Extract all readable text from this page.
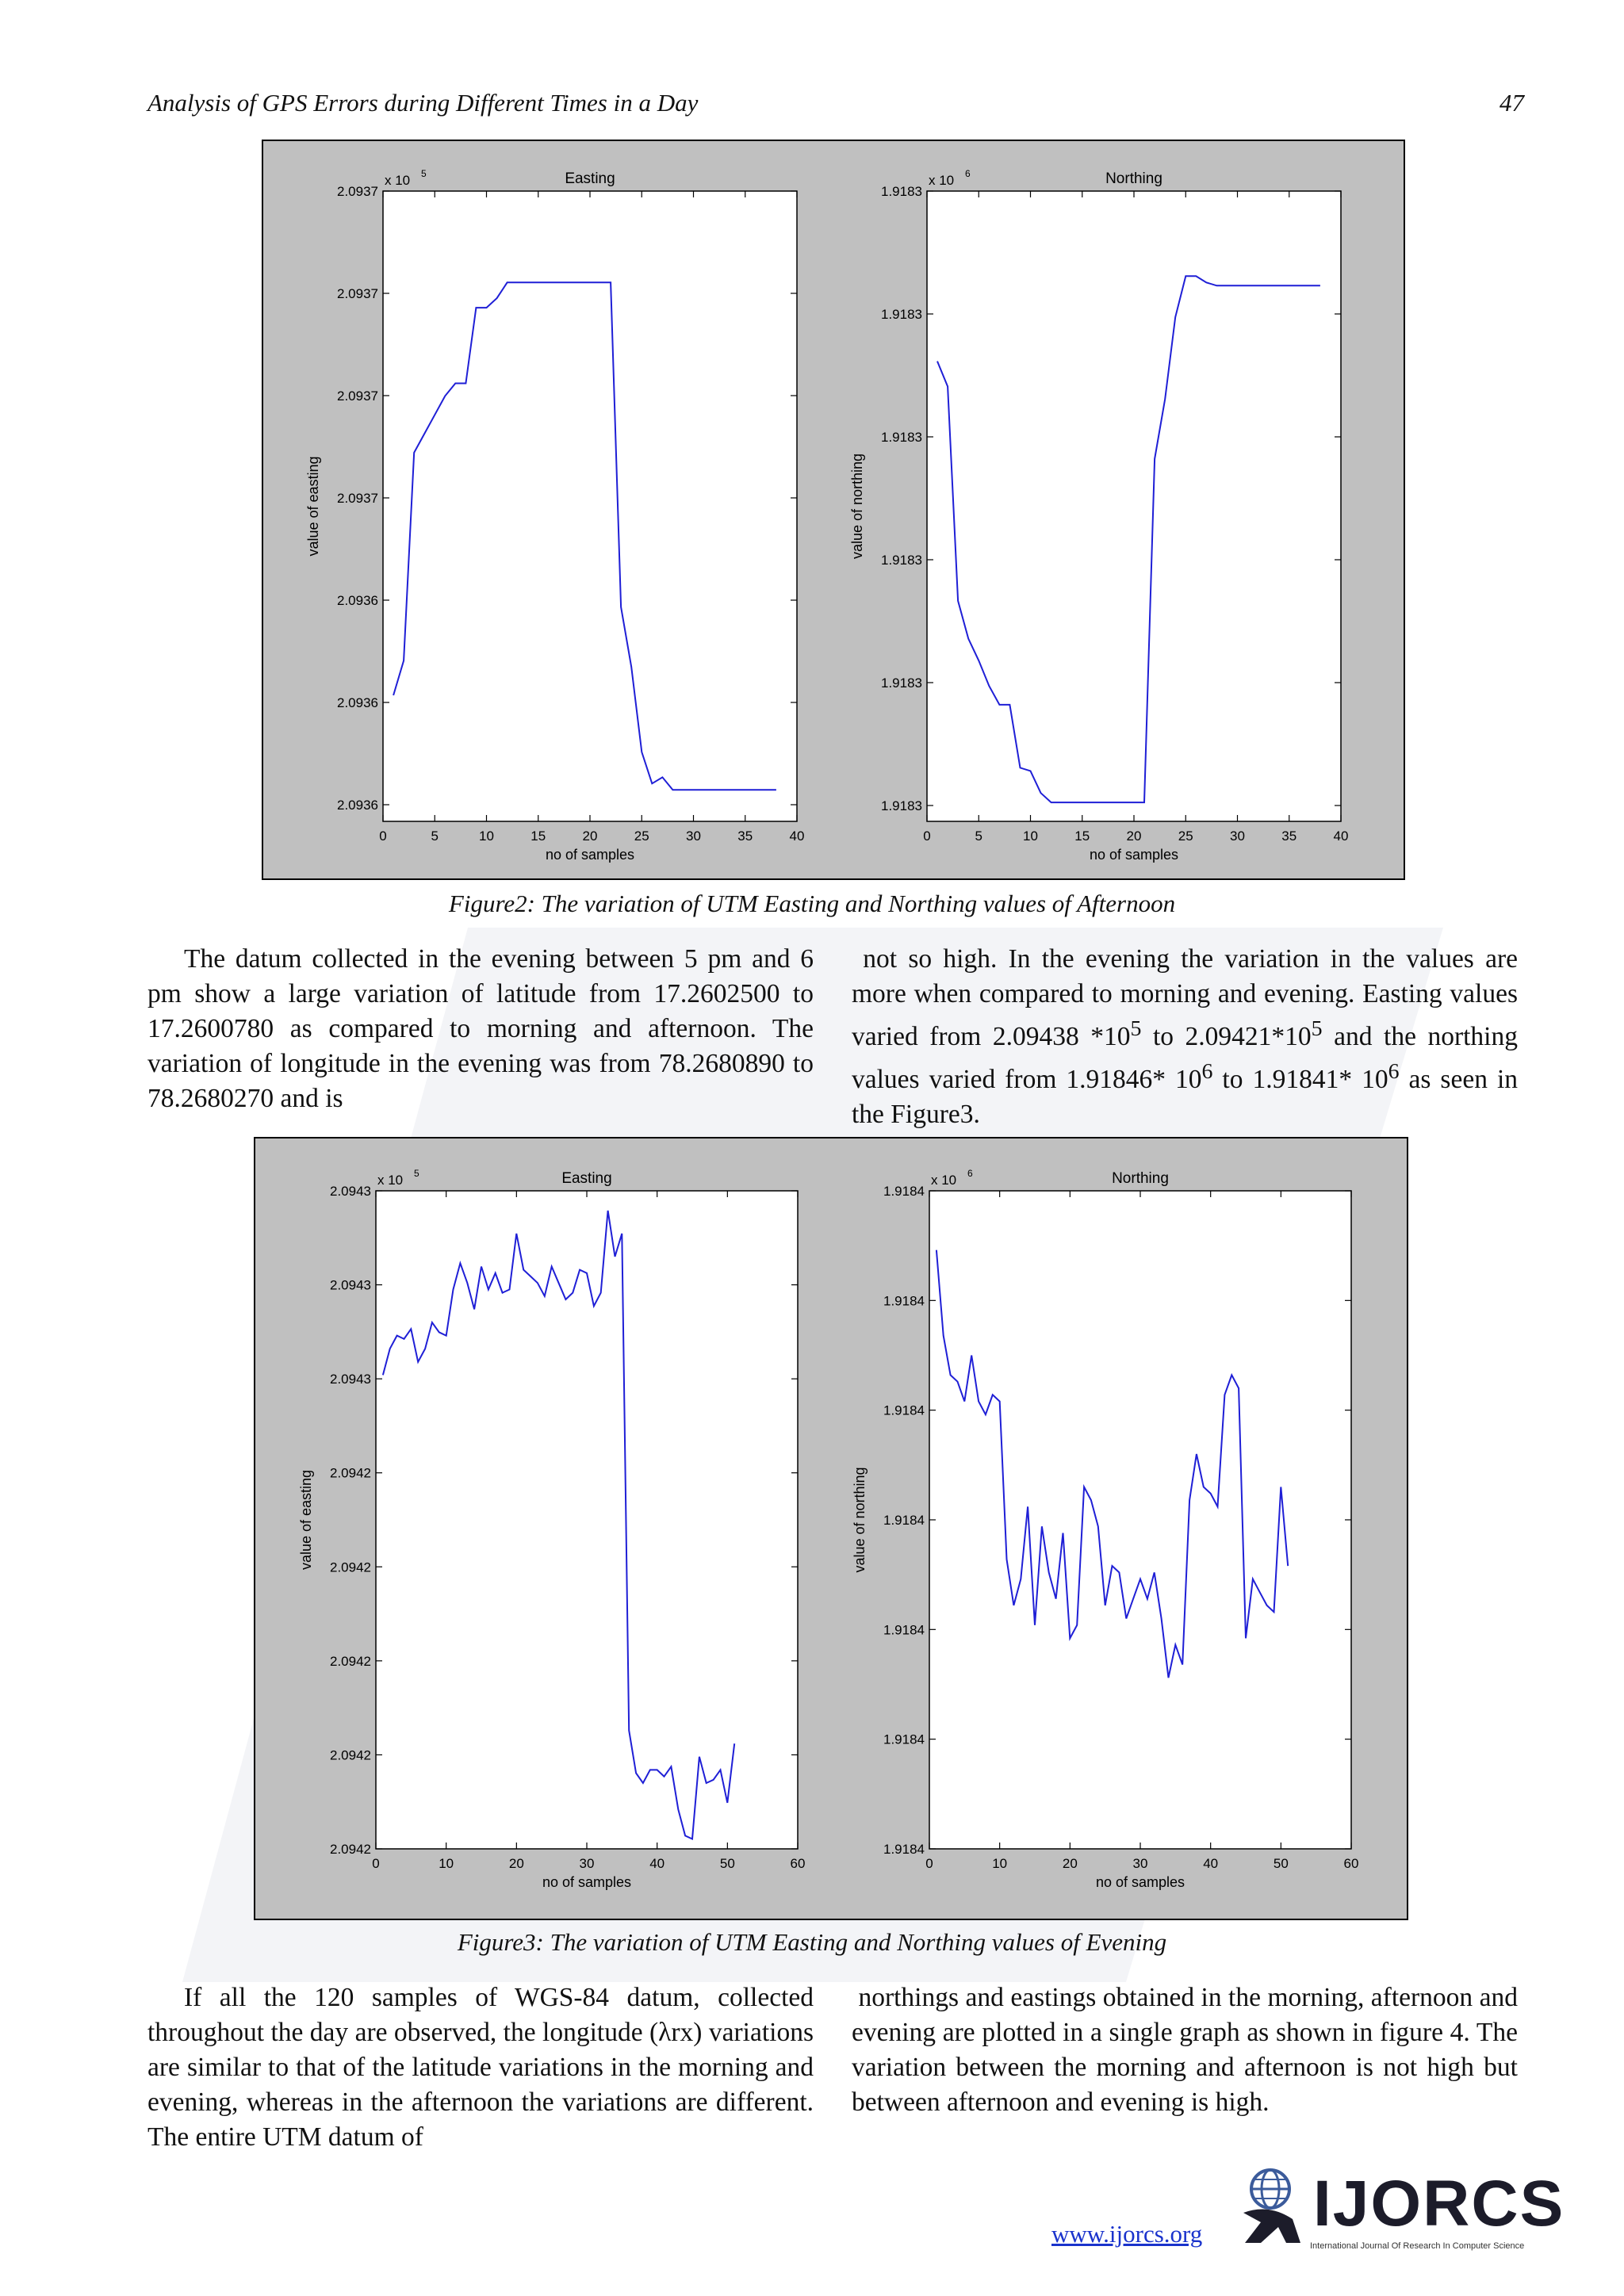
Analysis of GPS Errors during Different Times in a Day	47
Easting
x 10 5
0	5	10	15	20	25	30	35	40
2.0937
2.0937
2.0937
2.0937
2.0936
2.0936
2.0936
no of samples
value of easting
Northing
x 10 6
0	5	10	15	20	25	30	35	40
1.9183
1.9183
1.9183
1.9183
1.9183
1.9183
no of samples
value of northing
Figure2: The variation of UTM Easting and Northing values of Afternoon

The datum collected in the evening between 5 pm and 6 pm show a large variation of latitude from 17.2602500 to 17.2600780 as compared to morning and afternoon. The variation of longitude in the evening was from 78.2680890 to 78.2680270 and is

not so high. In the evening the variation in the values are more when compared to morning and evening. Easting values varied from 2.09438 $*10^5$ to $2.09421*10^5$ and the northing values varied from 1.91846* $10^6$ to 1.91841* $10^6$ as seen in the Figure3.

Easting
x 10 5
0	10	20	30	40	50	60
2.0943
2.0943
2.0943
2.0942
2.0942
2.0942
2.0942
2.0942
no of samples
value of easting
Northing
x 10 6
0	10	20	30	40	50	60
1.9184
1.9184
1.9184
1.9184
1.9184
1.9184
1.9184
no of samples
value of northing
Figure3: The variation of UTM Easting and Northing values of Evening

If all the 120 samples of WGS-84 datum, collected throughout the day are observed, the longitude (λrx) variations are similar to that of the latitude variations in the morning and evening, whereas in the afternoon the variations are different. The entire UTM datum of

northings and eastings obtained in the morning, afternoon and evening are plotted in a single graph as shown in figure 4. The variation between the morning and afternoon is not high but between afternoon and evening is high.

www.ijorcs.org IJORCS
International Journal Of Research In Computer Science
